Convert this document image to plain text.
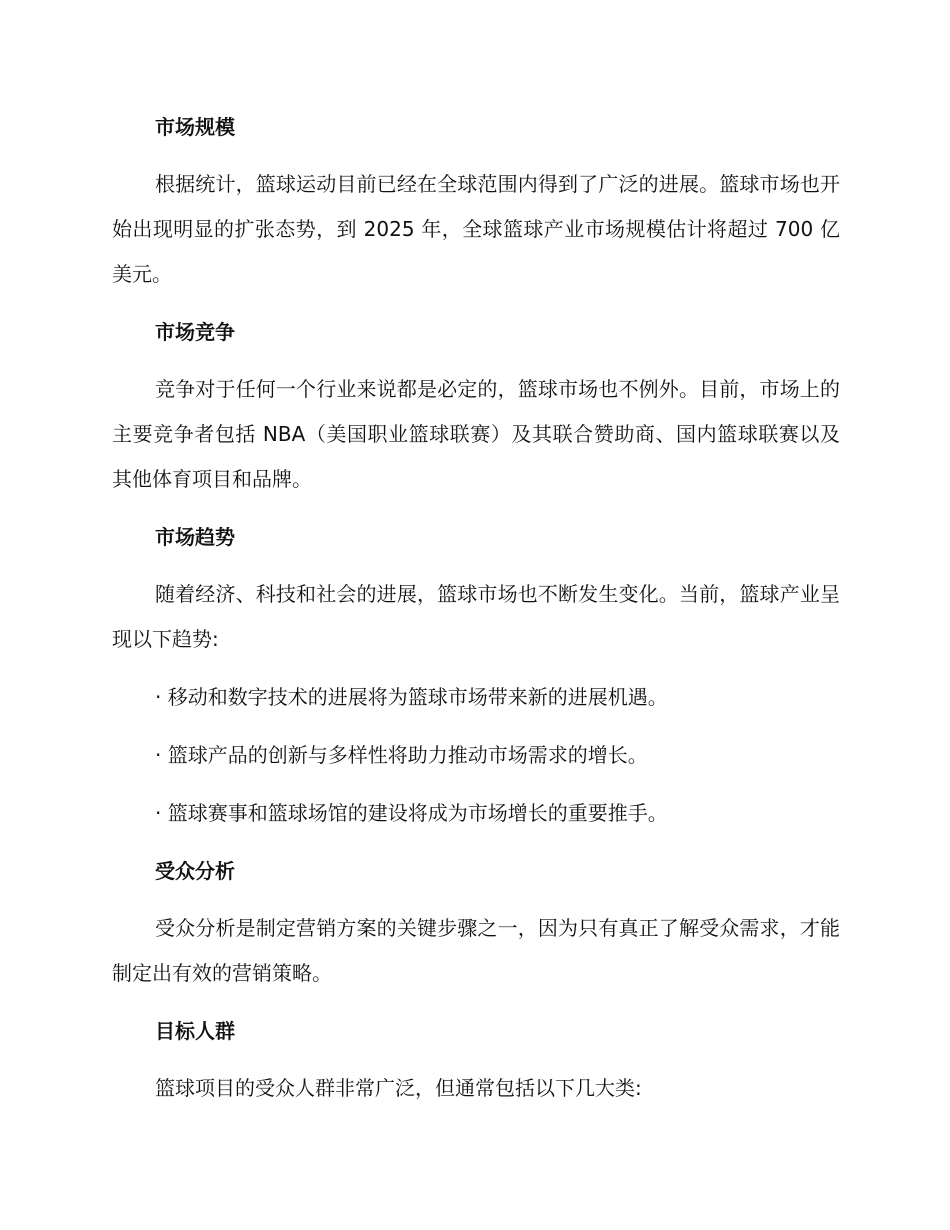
市场规模
根据统计，篮球运动目前已经在全球范围内得到了广泛的进展。篮球市场也开始出现明显的扩张态势，到 2025 年，全球篮球产业市场规模估计将超过 700 亿美元。
市场竞争
竞争对于任何一个行业来说都是必定的，篮球市场也不例外。目前，市场上的主要竞争者包括 NBA（美国职业篮球联赛）及其联合赞助商、国内篮球联赛以及其他体育项目和品牌。
市场趋势
随着经济、科技和社会的进展，篮球市场也不断发生变化。当前，篮球产业呈现以下趋势:
· 移动和数字技术的进展将为篮球市场带来新的进展机遇。
· 篮球产品的创新与多样性将助力推动市场需求的增长。
· 篮球赛事和篮球场馆的建设将成为市场增长的重要推手。
受众分析
受众分析是制定营销方案的关键步骤之一，因为只有真正了解受众需求，才能制定出有效的营销策略。
目标人群
篮球项目的受众人群非常广泛，但通常包括以下几大类:
